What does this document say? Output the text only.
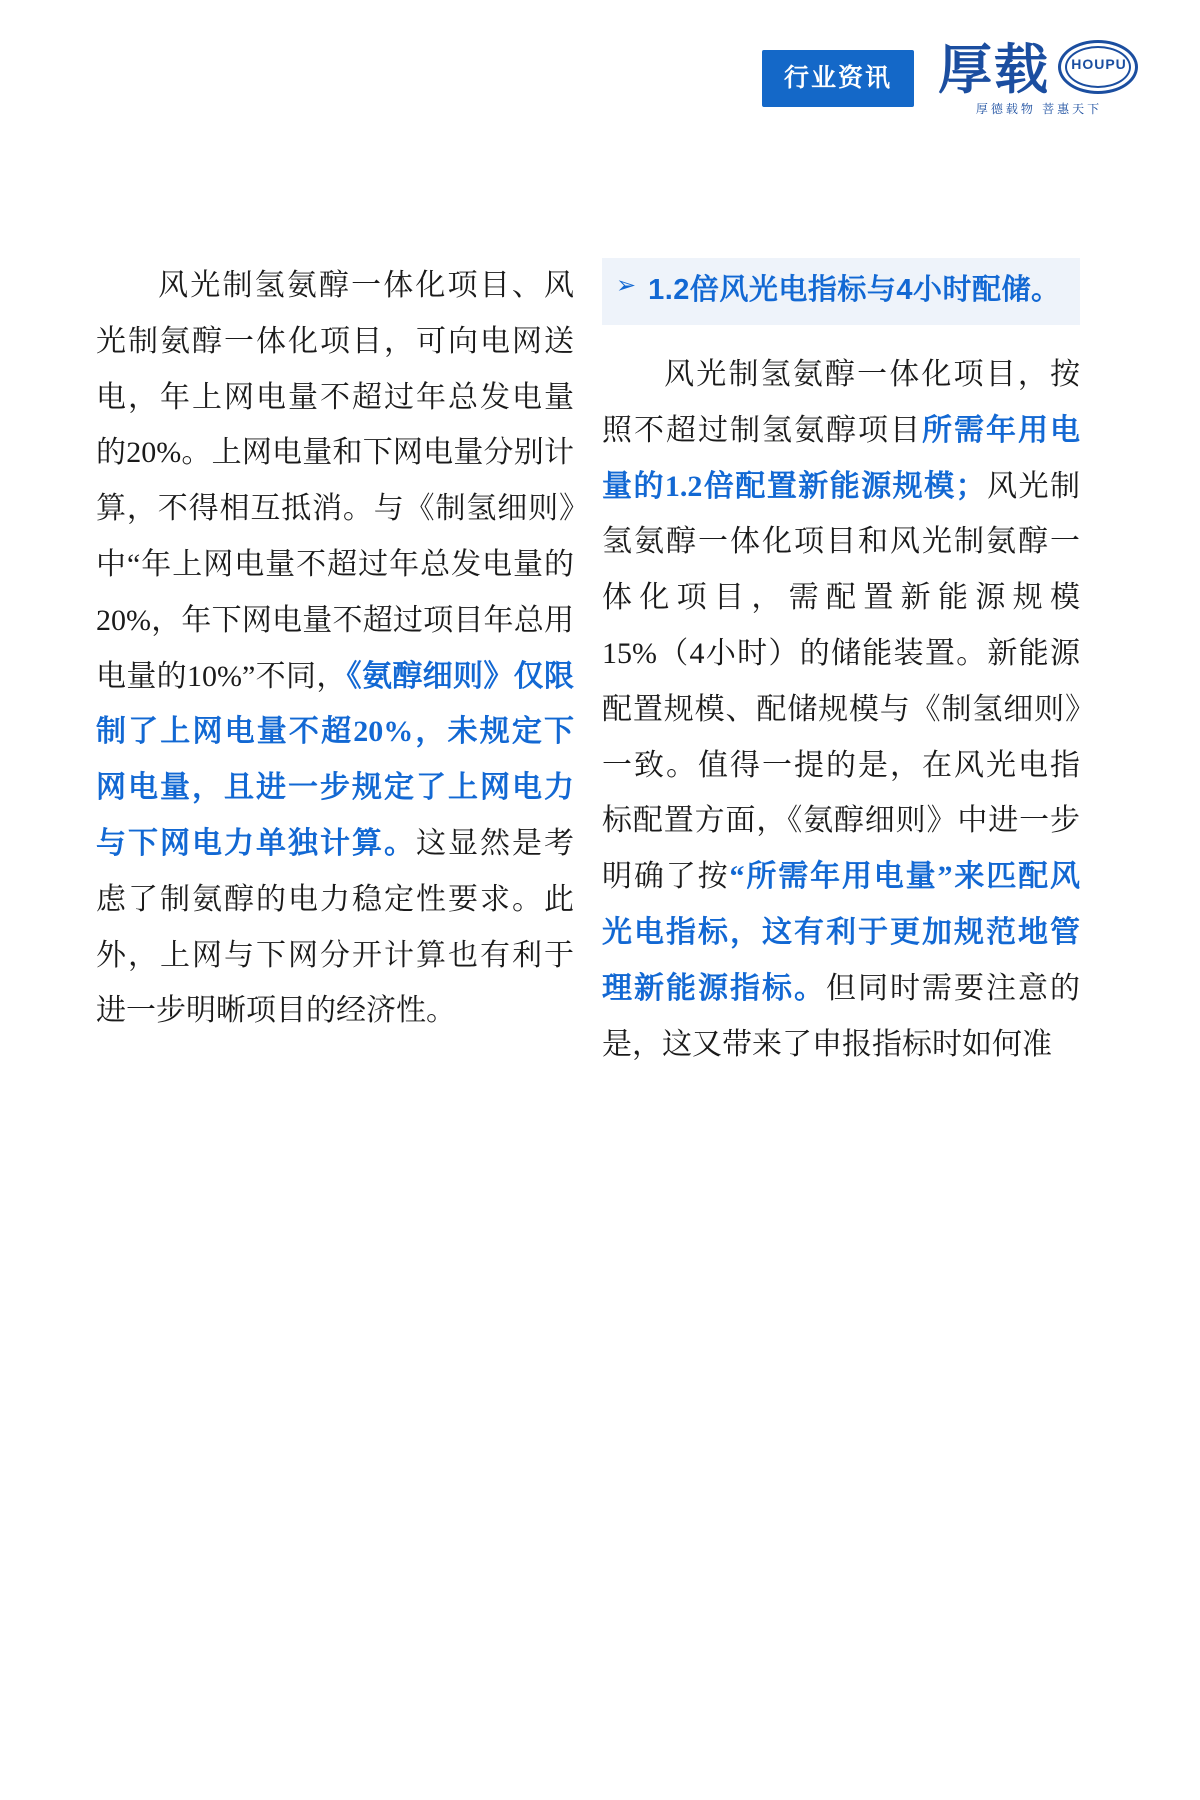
行业资讯 厚载	HOUPU
厚德载物 菩惠天下

风光制氢氨醇一体化项目、风光制氨醇一体化项目，可向电网送电，年上网电量不超过年总发电量的20%。上网电量和下网电量分别计算，不得相互抵消。与《制氢细则》中“年上网电量不超过年总发电量的20%，年下网电量不超过项目年总用电量的10%”不同，《氨醇细则》仅限制了上网电量不超20%，未规定下网电量，且进一步规定了上网电力与下网电力单独计算。这显然是考虑了制氨醇的电力稳定性要求。此外，上网与下网分开计算也有利于进一步明晰项目的经济性。

➢ 1.2倍风光电指标与4小时配储。

风光制氢氨醇一体化项目，按照不超过制氢氨醇项目所需年用电量的1.2倍配置新能源规模；风光制氢氨醇一体化项目和风光制氨醇一体化项目，需配置新能源规模15%（4小时）的储能装置。新能源配置规模、配储规模与《制氢细则》一致。值得一提的是，在风光电指标配置方面，《氨醇细则》中进一步明确了按“所需年用电量”来匹配风光电指标，这有利于更加规范地管理新能源指标。但同时需要注意的是，这又带来了申报指标时如何准
